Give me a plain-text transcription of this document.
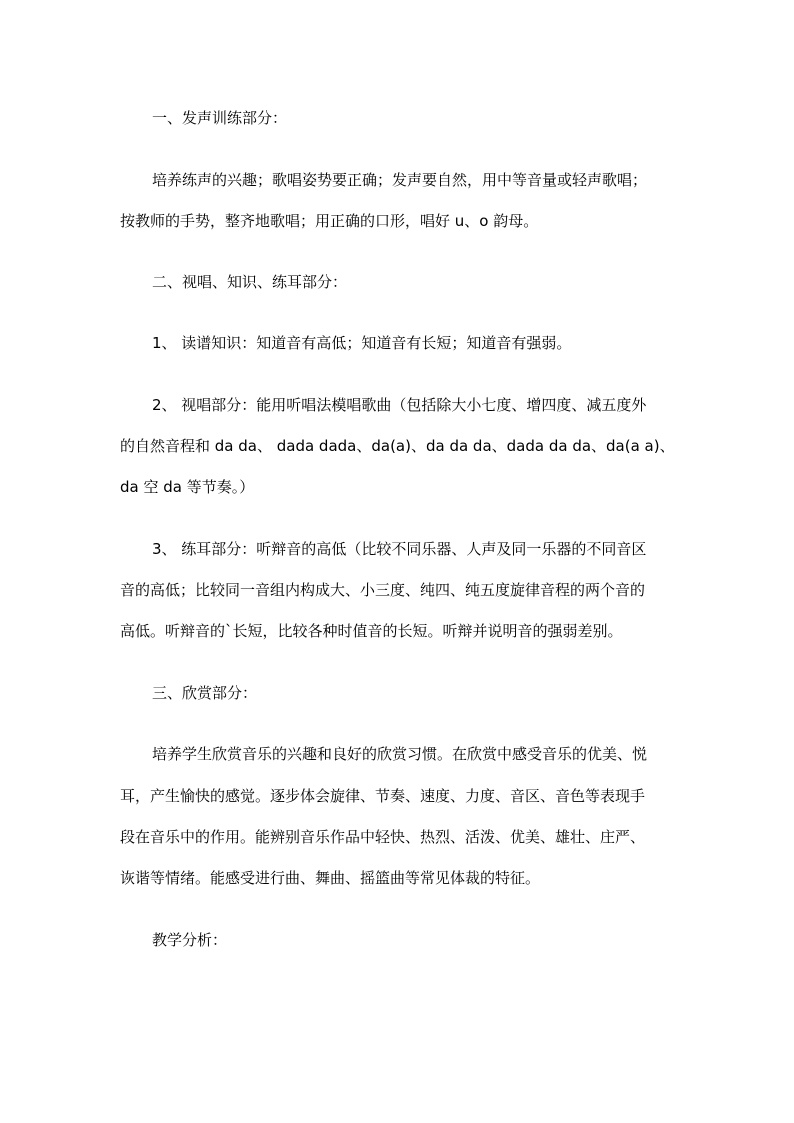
一、发声训练部分：
培养练声的兴趣；歌唱姿势要正确；发声要自然，用中等音量或轻声歌唱；
按教师的手势，整齐地歌唱；用正确的口形，唱好 u、o 韵母。
二、视唱、知识、练耳部分：
1、 读谱知识：知道音有高低；知道音有长短；知道音有强弱。
2、 视唱部分：能用听唱法模唱歌曲（包括除大小七度、增四度、减五度外
的自然音程和 da da、 dada dada、da(a)、da da da、dada da da、da(a a)、
da 空 da 等节奏。）
3、 练耳部分：听辩音的高低（比较不同乐器、人声及同一乐器的不同音区
音的高低；比较同一音组内构成大、小三度、纯四、纯五度旋律音程的两个音的
高低。听辩音的`长短，比较各种时值音的长短。听辩并说明音的强弱差别。
三、欣赏部分：
培养学生欣赏音乐的兴趣和良好的欣赏习惯。在欣赏中感受音乐的优美、悦
耳，产生愉快的感觉。逐步体会旋律、节奏、速度、力度、音区、音色等表现手
段在音乐中的作用。能辨别音乐作品中轻快、热烈、活泼、优美、雄壮、庄严、
诙谐等情绪。能感受进行曲、舞曲、摇篮曲等常见体裁的特征。
教学分析：
